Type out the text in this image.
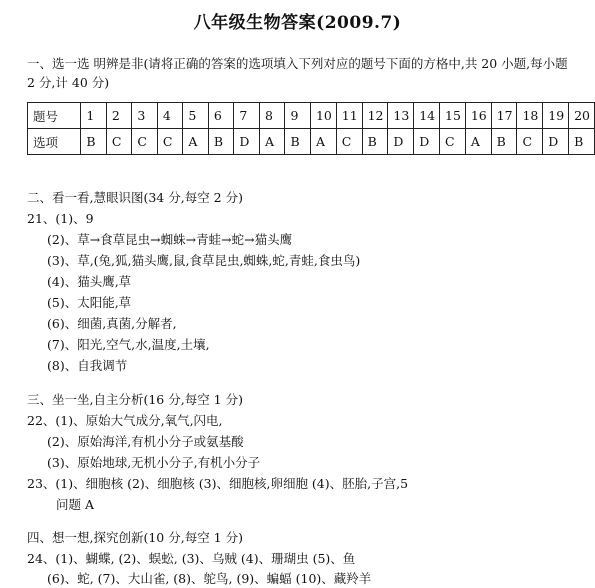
八年级生物答案(2009.7)
一、选一选 明辨是非(请将正确的答案的选项填入下列对应的题号下面的方格中,共 20 小题,每小题
2 分,计 40 分)
题号	1	2	3	4	5	6	7	8	9	10	11	12	13	14	15	16	17	18	19	20
选项	B	C	C	C	A	B	D	A	B	A	C	B	D	D	C	A	B	C	D	B
二、看一看,慧眼识图(34 分,每空 2 分)
21、(1)、9
(2)、草→食草昆虫→蜘蛛→青蛙→蛇→猫头鹰
(3)、草,(兔,狐,猫头鹰,鼠,食草昆虫,蜘蛛,蛇,青蛙,食虫鸟)
(4)、猫头鹰,草
(5)、太阳能,草
(6)、细菌,真菌,分解者,
(7)、阳光,空气,水,温度,土壤,
(8)、自我调节
三、坐一坐,自主分析(16 分,每空 1 分)
22、(1)、原始大气成分,氧气,闪电,
(2)、原始海洋,有机小分子或氨基酸
(3)、原始地球,无机小分子,有机小分子
23、(1)、细胞核 (2)、细胞核 (3)、细胞核,卵细胞 (4)、胚胎,子宫,5
问题 A
四、想一想,探究创新(10 分,每空 1 分)
24、(1)、蝴蝶, (2)、蜈蚣, (3)、乌贼 (4)、珊瑚虫 (5)、鱼
(6)、蛇, (7)、大山雀, (8)、鸵鸟, (9)、蝙蝠 (10)、藏羚羊
